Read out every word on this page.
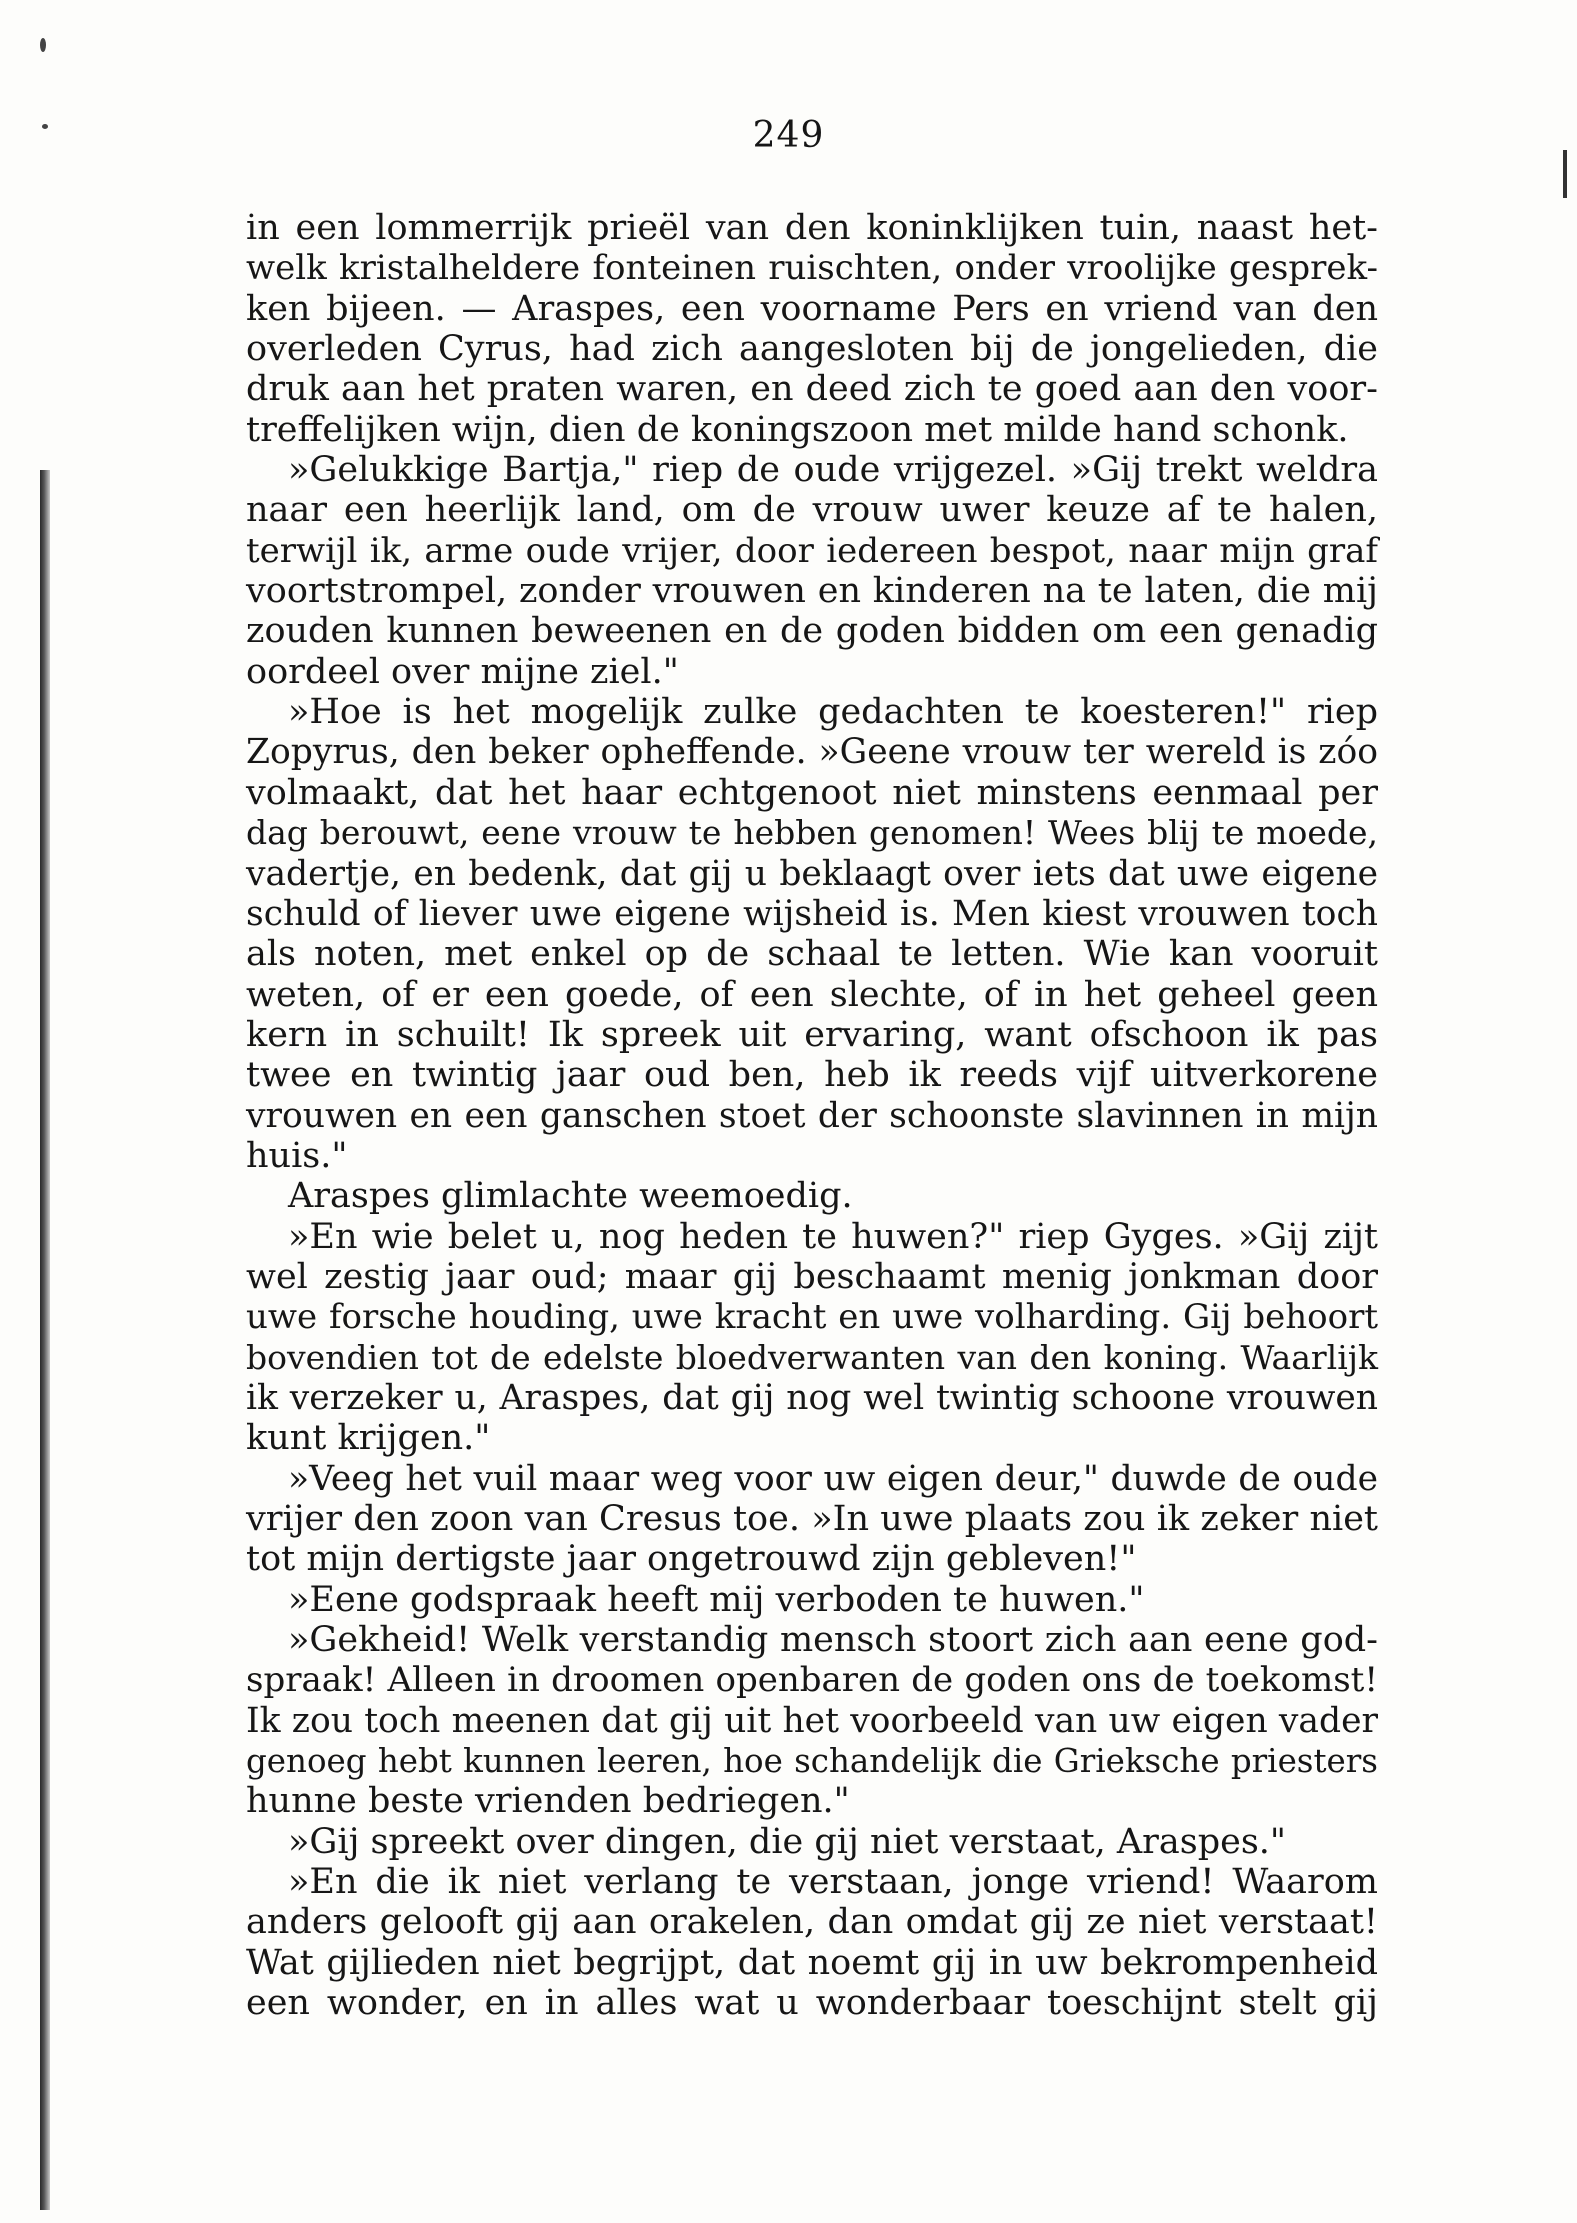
249
in een lommerrijk prieël van den koninklijken tuin, naast het-
welk kristalheldere fonteinen ruischten, onder vroolijke gesprek-
ken bijeen. — Araspes, een voorname Pers en vriend van den
overleden Cyrus, had zich aangesloten bij de jongelieden, die
druk aan het praten waren, en deed zich te goed aan den voor-
treffelijken wijn, dien de koningszoon met milde hand schonk.
»Gelukkige Bartja," riep de oude vrijgezel. »Gij trekt weldra
naar een heerlijk land, om de vrouw uwer keuze af te halen,
terwijl ik, arme oude vrijer, door iedereen bespot, naar mijn graf
voortstrompel, zonder vrouwen en kinderen na te laten, die mij
zouden kunnen beweenen en de goden bidden om een genadig
oordeel over mijne ziel."
»Hoe is het mogelijk zulke gedachten te koesteren!" riep
Zopyrus, den beker opheffende. »Geene vrouw ter wereld is zóo
volmaakt, dat het haar echtgenoot niet minstens eenmaal per
dag berouwt, eene vrouw te hebben genomen! Wees blij te moede,
vadertje, en bedenk, dat gij u beklaagt over iets dat uwe eigene
schuld of liever uwe eigene wijsheid is. Men kiest vrouwen toch
als noten, met enkel op de schaal te letten. Wie kan vooruit
weten, of er een goede, of een slechte, of in het geheel geen
kern in schuilt! Ik spreek uit ervaring, want ofschoon ik pas
twee en twintig jaar oud ben, heb ik reeds vijf uitverkorene
vrouwen en een ganschen stoet der schoonste slavinnen in mijn
huis."
Araspes glimlachte weemoedig.
»En wie belet u, nog heden te huwen?" riep Gyges. »Gij zijt
wel zestig jaar oud; maar gij beschaamt menig jonkman door
uwe forsche houding, uwe kracht en uwe volharding. Gij behoort
bovendien tot de edelste bloedverwanten van den koning. Waarlijk
ik verzeker u, Araspes, dat gij nog wel twintig schoone vrouwen
kunt krijgen."
»Veeg het vuil maar weg voor uw eigen deur," duwde de oude
vrijer den zoon van Cresus toe. »In uwe plaats zou ik zeker niet
tot mijn dertigste jaar ongetrouwd zijn gebleven!"
»Eene godspraak heeft mij verboden te huwen."
»Gekheid! Welk verstandig mensch stoort zich aan eene god-
spraak! Alleen in droomen openbaren de goden ons de toekomst!
Ik zou toch meenen dat gij uit het voorbeeld van uw eigen vader
genoeg hebt kunnen leeren, hoe schandelijk die Grieksche priesters
hunne beste vrienden bedriegen."
»Gij spreekt over dingen, die gij niet verstaat, Araspes."
»En die ik niet verlang te verstaan, jonge vriend! Waarom
anders gelooft gij aan orakelen, dan omdat gij ze niet verstaat!
Wat gijlieden niet begrijpt, dat noemt gij in uw bekrompenheid
een wonder, en in alles wat u wonderbaar toeschijnt stelt gij
